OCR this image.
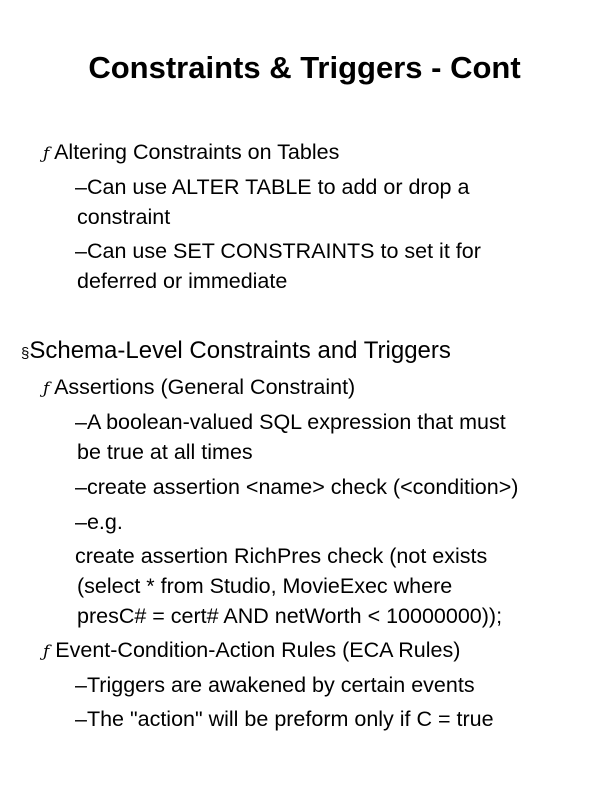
Constraints & Triggers - Cont
ƒ Altering Constraints on Tables
–Can use ALTER TABLE to add or drop a
constraint
–Can use SET CONSTRAINTS to set it for
deferred or immediate
§Schema-Level Constraints and Triggers
ƒ Assertions (General Constraint)
–A boolean-valued SQL expression that must
be true at all times
–create assertion <name> check (<condition>)
–e.g.
create assertion RichPres check (not exists
(select * from Studio, MovieExec where
presC# = cert# AND netWorth < 10000000));
ƒ Event-Condition-Action Rules (ECA Rules)
–Triggers are awakened by certain events
–The "action" will be preform only if C = true
